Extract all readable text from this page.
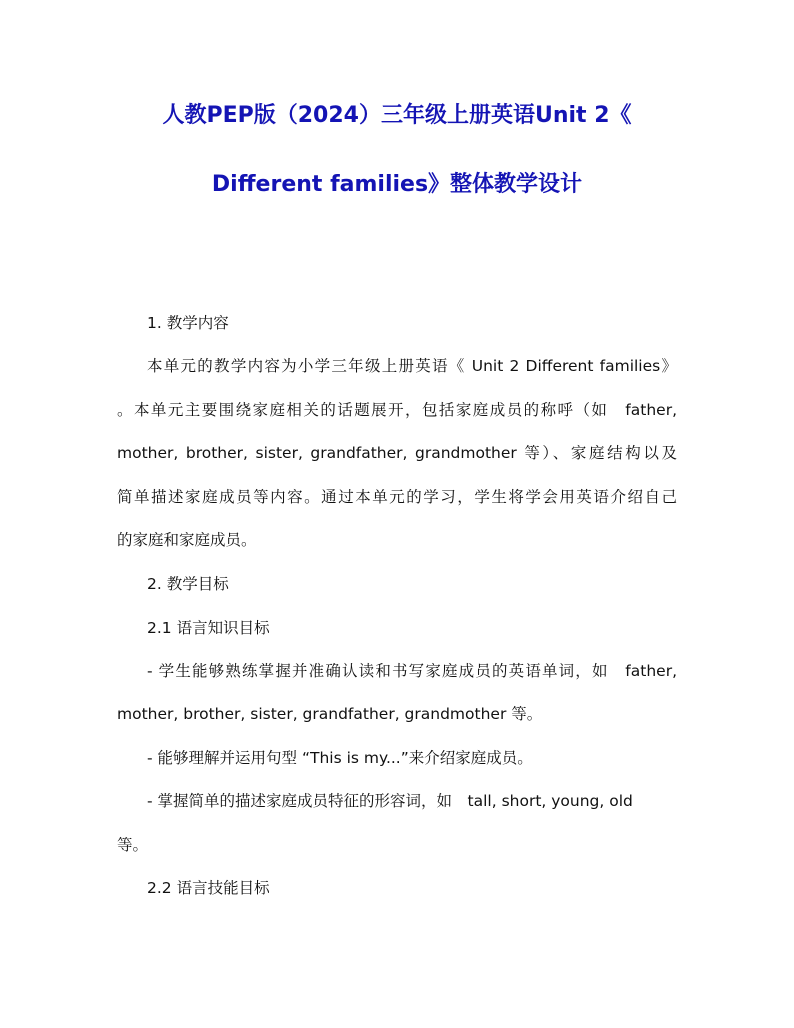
人教PEP版（2024）三年级上册英语Unit 2《
Different families》整体教学设计
1. 教学内容
本单元的教学内容为小学三年级上册英语《 Unit 2 Different families》
。本单元主要围绕家庭相关的话题展开，包括家庭成员的称呼（如　father,
mother, brother, sister, grandfather, grandmother 等）、家庭结构以及
简单描述家庭成员等内容。通过本单元的学习，学生将学会用英语介绍自己
的家庭和家庭成员。
2. 教学目标
2.1 语言知识目标
- 学生能够熟练掌握并准确认读和书写家庭成员的英语单词，如　father,
mother, brother, sister, grandfather, grandmother 等。
- 能够理解并运用句型 “This is my...”来介绍家庭成员。
- 掌握简单的描述家庭成员特征的形容词，如　tall, short, young, old
等。
2.2 语言技能目标
